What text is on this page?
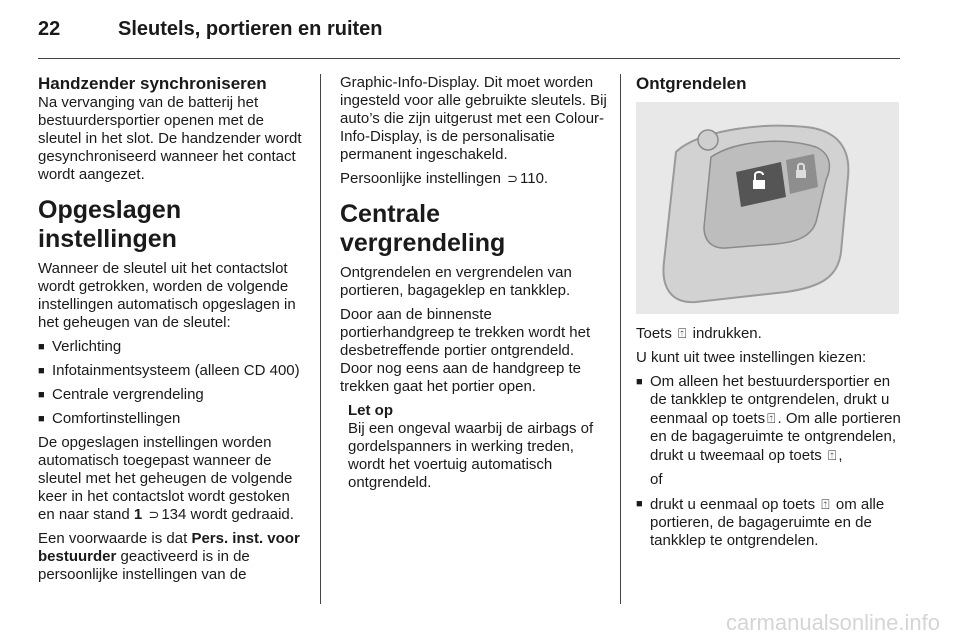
22	Sleutels, portieren en ruiten
Handzender synchroniseren

Na vervanging van de batterij het bestuurdersportier openen met de sleutel in het slot. De handzender wordt gesynchroniseerd wanneer het contact wordt aangezet.

Opgeslagen instellingen

Wanneer de sleutel uit het contactslot wordt getrokken, worden de volgende instellingen automatisch opgeslagen in het geheugen van de sleutel:

■ Verlichting
■ Infotainmentsysteem (alleen CD 400)
■ Centrale vergrendeling
■ Comfortinstellingen

De opgeslagen instellingen worden automatisch toegepast wanneer de sleutel met het geheugen de volgende keer in het contactslot wordt gestoken en naar stand 1 ⊃ 134 wordt gedraaid.

Een voorwaarde is dat Pers. inst. voor bestuurder geactiveerd is in de persoonlijke instellingen van de

Graphic-Info-Display. Dit moet worden ingesteld voor alle gebruikte sleutels. Bij auto’s die zijn uitgerust met een Colour-Info-Display, is de personalisatie permanent ingeschakeld.

Persoonlijke instellingen ⊃ 110.

Centrale vergrendeling

Ontgrendelen en vergrendelen van portieren, bagageklep en tankklep.

Door aan de binnenste portierhandgreep te trekken wordt het desbetreffende portier ontgrendeld. Door nog eens aan de handgreep te trekken gaat het portier open.

Let op
Bij een ongeval waarbij de airbags of gordelspanners in werking treden, wordt het voertuig automatisch ontgrendeld.
Ontgrendelen

Toets ⍐ indrukken.

U kunt uit twee instellingen kiezen:

■ Om alleen het bestuurdersportier en de tankklep te ontgrendelen, drukt u eenmaal op toets ⍐ . Om alle portieren en de bagageruimte te ontgrendelen, drukt u tweemaal op toets ⍐ ,
of
■ drukt u eenmaal op toets ⍐ om alle portieren, de bagageruimte en de tankklep te ontgrendelen.
carmanualsonline.info
